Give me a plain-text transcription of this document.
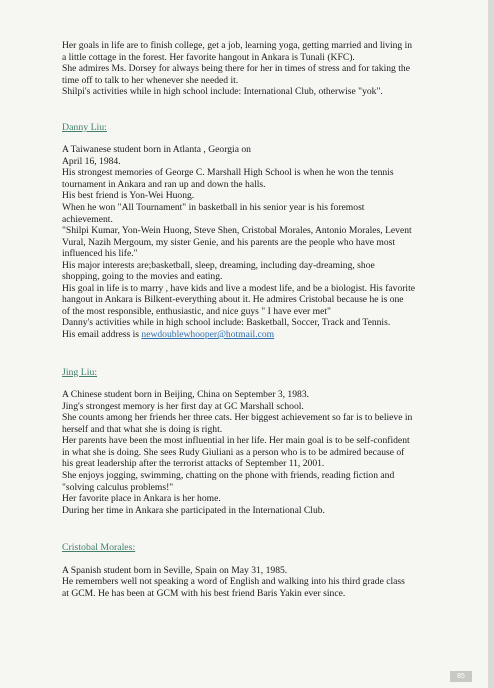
Her goals in life are to finish college, get a job, learning yoga, getting married and living in
a little cottage in the forest. Her favorite hangout in Ankara is Tunali (KFC).
She admires Ms. Dorsey for always being there for her in times of stress and for taking the
time off to talk to her whenever she needed it.
Shilpi's activities while in high school include: International Club, otherwise "yok".
Danny Liu:
A Taiwanese student born in Atlanta , Georgia on
April 16, 1984.
His strongest memories of George C. Marshall High School is when he won the tennis
tournament in Ankara and ran up and down the halls.
His best friend is Yon-Wei Huong.
When he won "All Tournament" in basketball in his senior year is his foremost
achievement.
"Shilpi Kumar, Yon-Wein Huong, Steve Shen, Cristobal Morales, Antonio Morales, Levent
Vural, Nazih Mergoum, my sister Genie, and his parents are the people who have most
influenced his life."
His major interests are;basketball, sleep, dreaming, including day-dreaming, shoe
shopping, going to the movies and eating.
His goal in life is to marry , have kids and live a modest life, and be a biologist. His favorite
hangout in Ankara is Bilkent-everything about it. He admires Cristobal because he is one
of the most responsible, enthusiastic, and nice guys " I have ever met"
Danny's activities while in high school include: Basketball, Soccer, Track and Tennis.
His email address is newdoublewhooper@hotmail.com
Jing Liu:
A Chinese student born in Beijing, China on September 3, 1983.
Jing's strongest memory is her first day at GC Marshall school.
She counts among her friends her three cats. Her biggest achievement so far is to believe in
herself and that what she is doing is right.
Her parents have been the most influential in her life. Her main goal is to be self-confident
in what she is doing. She sees Rudy Giuliani as a person who is to be admired because of
his great leadership after the terrorist attacks of September 11, 2001.
She enjoys jogging, swimming, chatting on the phone with friends, reading fiction and
"solving calculus problems!"
Her favorite place in Ankara is her home.
During her time in Ankara she participated in the International Club.
Cristobal Morales:
A Spanish student born in Seville, Spain on May 31, 1985.
He remembers well not speaking a word of English and walking into his third grade class
at GCM. He has been at GCM with his best friend Baris Yakin ever since.
85
